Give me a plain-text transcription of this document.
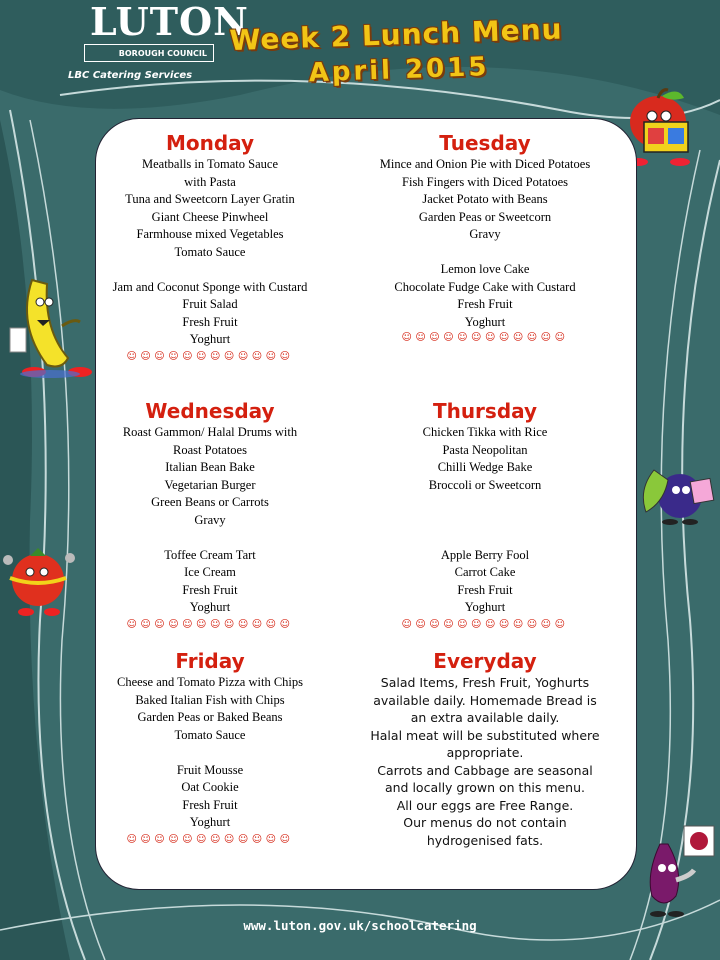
LUTON
BOROUGH COUNCIL
LBC Catering Services
Week 2 Lunch Menu
April 2015
Monday
Meatballs in Tomato Sauce
with Pasta
Tuna and Sweetcorn Layer Gratin
Giant Cheese Pinwheel
Farmhouse mixed Vegetables
Tomato Sauce
Jam and Coconut Sponge with Custard
Fruit Salad
Fresh Fruit
Yoghurt
☺☺☺☺☺☺☺☺☺☺☺☺
Tuesday
Mince and Onion Pie with Diced Potatoes
Fish Fingers with Diced Potatoes
Jacket Potato with Beans
Garden Peas or Sweetcorn
Gravy
Lemon love Cake
Chocolate Fudge Cake with Custard
Fresh Fruit
Yoghurt
☺☺☺☺☺☺☺☺☺☺☺☺
Wednesday
Roast Gammon/ Halal Drums with
Roast Potatoes
Italian Bean Bake
Vegetarian Burger
Green Beans or Carrots
Gravy
Toffee Cream Tart
Ice Cream
Fresh Fruit
Yoghurt
☺☺☺☺☺☺☺☺☺☺☺☺
Thursday
Chicken Tikka with Rice
Pasta Neopolitan
Chilli Wedge Bake
Broccoli or Sweetcorn
Apple Berry Fool
Carrot Cake
Fresh Fruit
Yoghurt
☺☺☺☺☺☺☺☺☺☺☺☺
Friday
Cheese and Tomato Pizza with Chips
Baked Italian Fish with Chips
Garden Peas or Baked Beans
Tomato Sauce
Fruit Mousse
Oat Cookie
Fresh Fruit
Yoghurt
☺☺☺☺☺☺☺☺☺☺☺☺
Everyday
Salad Items, Fresh Fruit, Yoghurts
available daily. Homemade Bread is
an extra available daily.
Halal meat will be substituted where
appropriate.
Carrots and Cabbage are seasonal
and locally grown on this menu.
All our eggs are Free Range.
Our menus do not contain
hydrogenised fats.
www.luton.gov.uk/schoolcatering
